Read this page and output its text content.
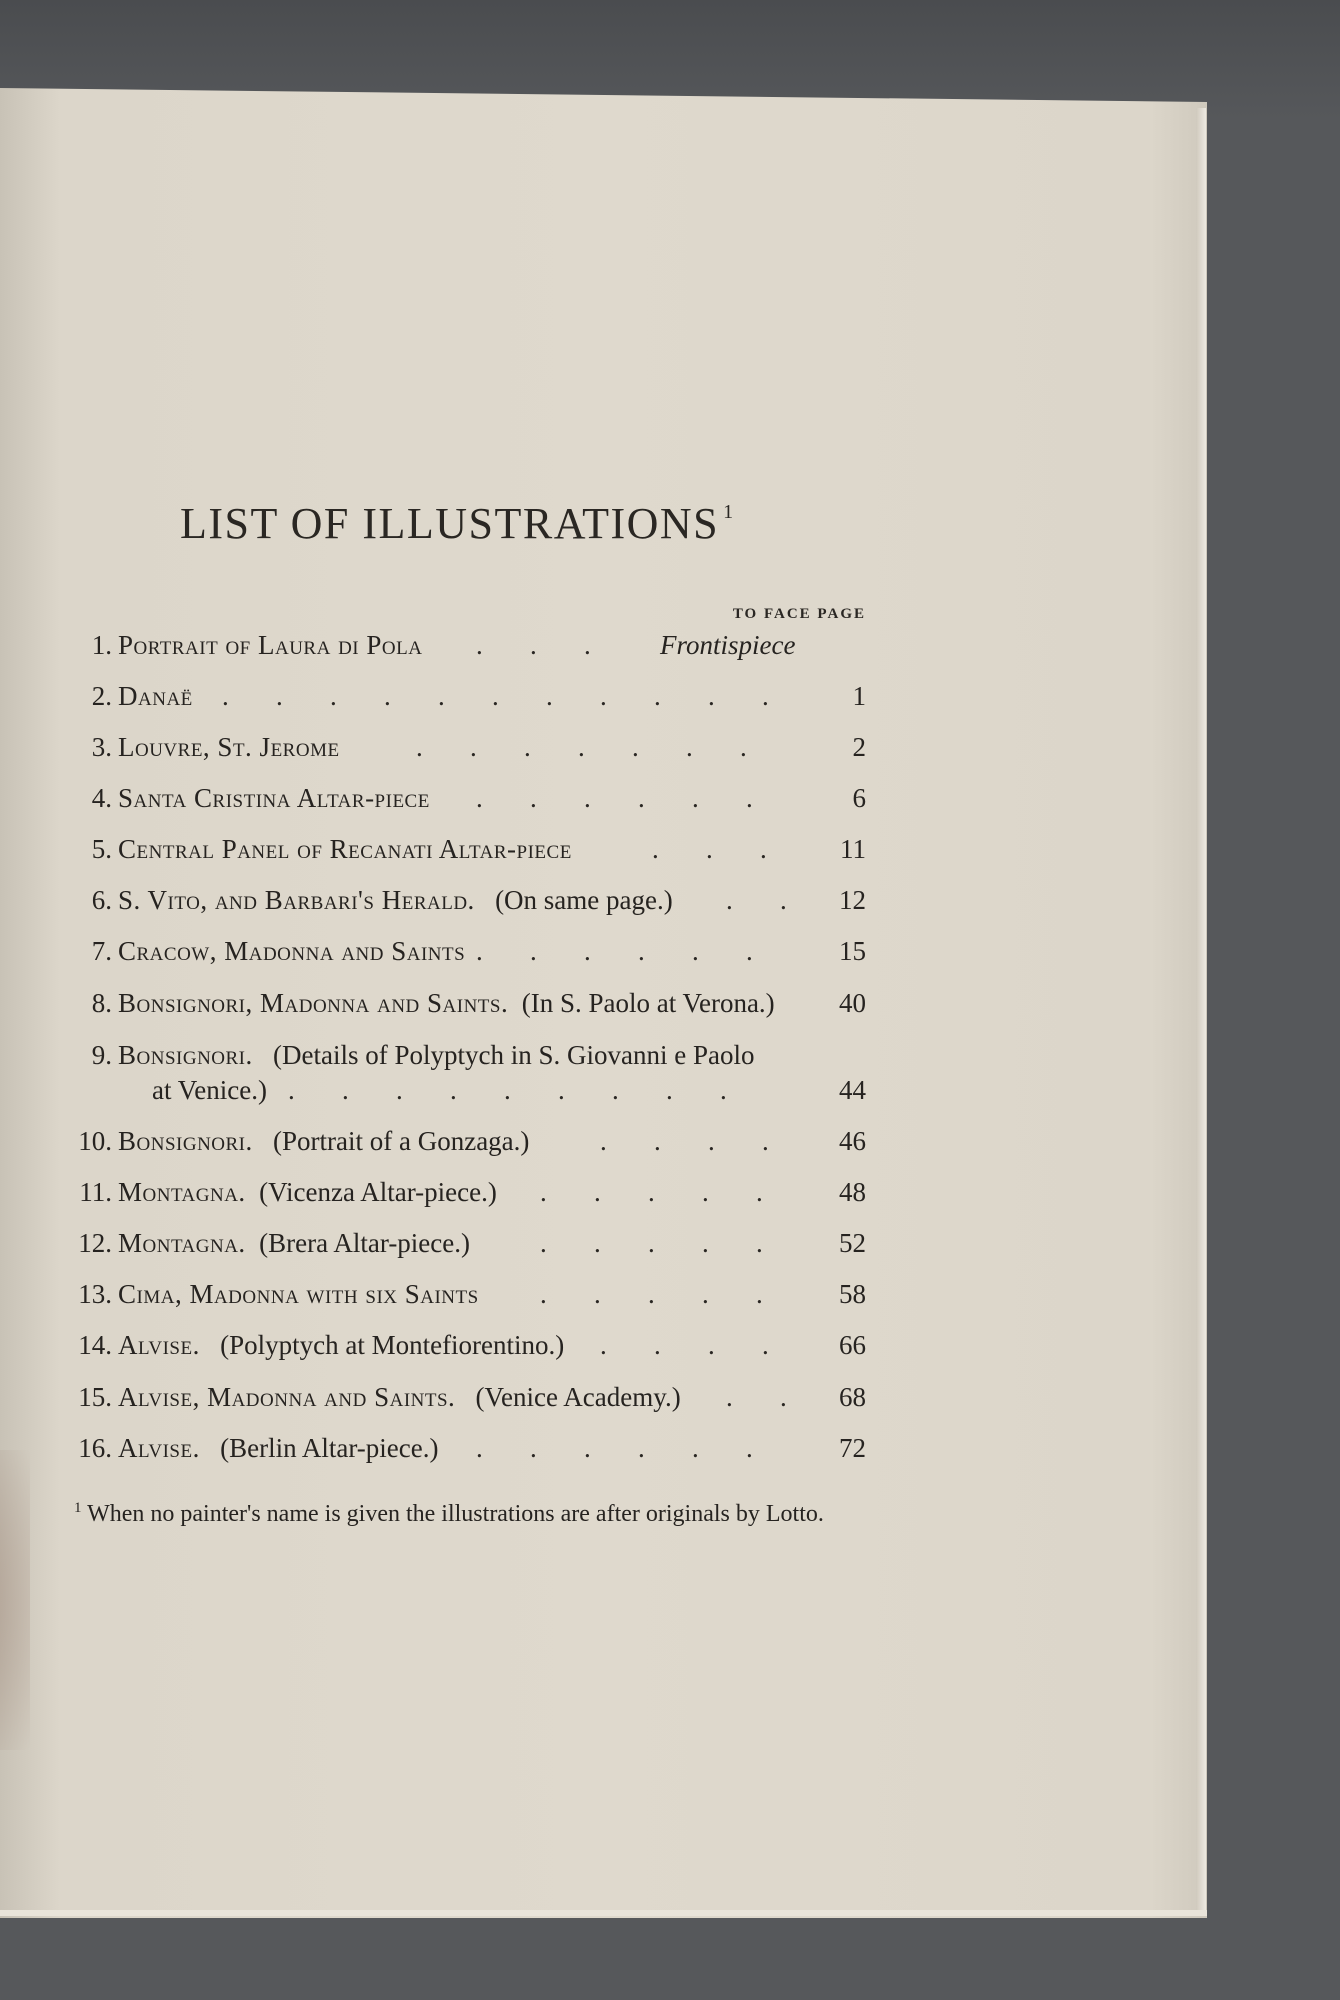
LIST OF ILLUSTRATIONS $^1$
TO FACE PAGE
1. Portrait of Laura di Pola .       .       .	Frontispiece
2. Danaë .       .       .       .       .       .       .       .       .       .       .	1
3. Louvre, St. Jerome	.       .       .       .       .       .       .	2
4. Santa Cristina Altar-piece .       .       .       .       .       .	6
5. Central Panel of Recanati Altar-piece	.       .       .	11
6. S. Vito, and Barbari's Herald. (On same page.) .       .	12
7. Cracow, Madonna and Saints .       .       .       .       .       .	15
8. Bonsignori, Madonna and Saints. (In S. Paolo at Verona.)	40
9. Bonsignori. (Details of Polyptych in S. Giovanni e Paolo
at Venice.) .       .       .       .       .       .       .       .       .	44
10. Bonsignori. (Portrait of a Gonzaga.)	.       .       .       .	46
11. Montagna. (Vicenza Altar-piece.) .       .       .       .       .	48
12. Montagna. (Brera Altar-piece.)	.       .       .       .       .	52
13. Cima, Madonna with six Saints .       .       .       .       .	58
14. Alvise. (Polyptych at Montefiorentino.) .       .       .       .	66
15. Alvise, Madonna and Saints. (Venice Academy.) .       .	68
16. Alvise. (Berlin Altar-piece.) .       .       .       .       .       .	72
$^1$ When no painter's name is given the illustrations are after originals by Lotto.
